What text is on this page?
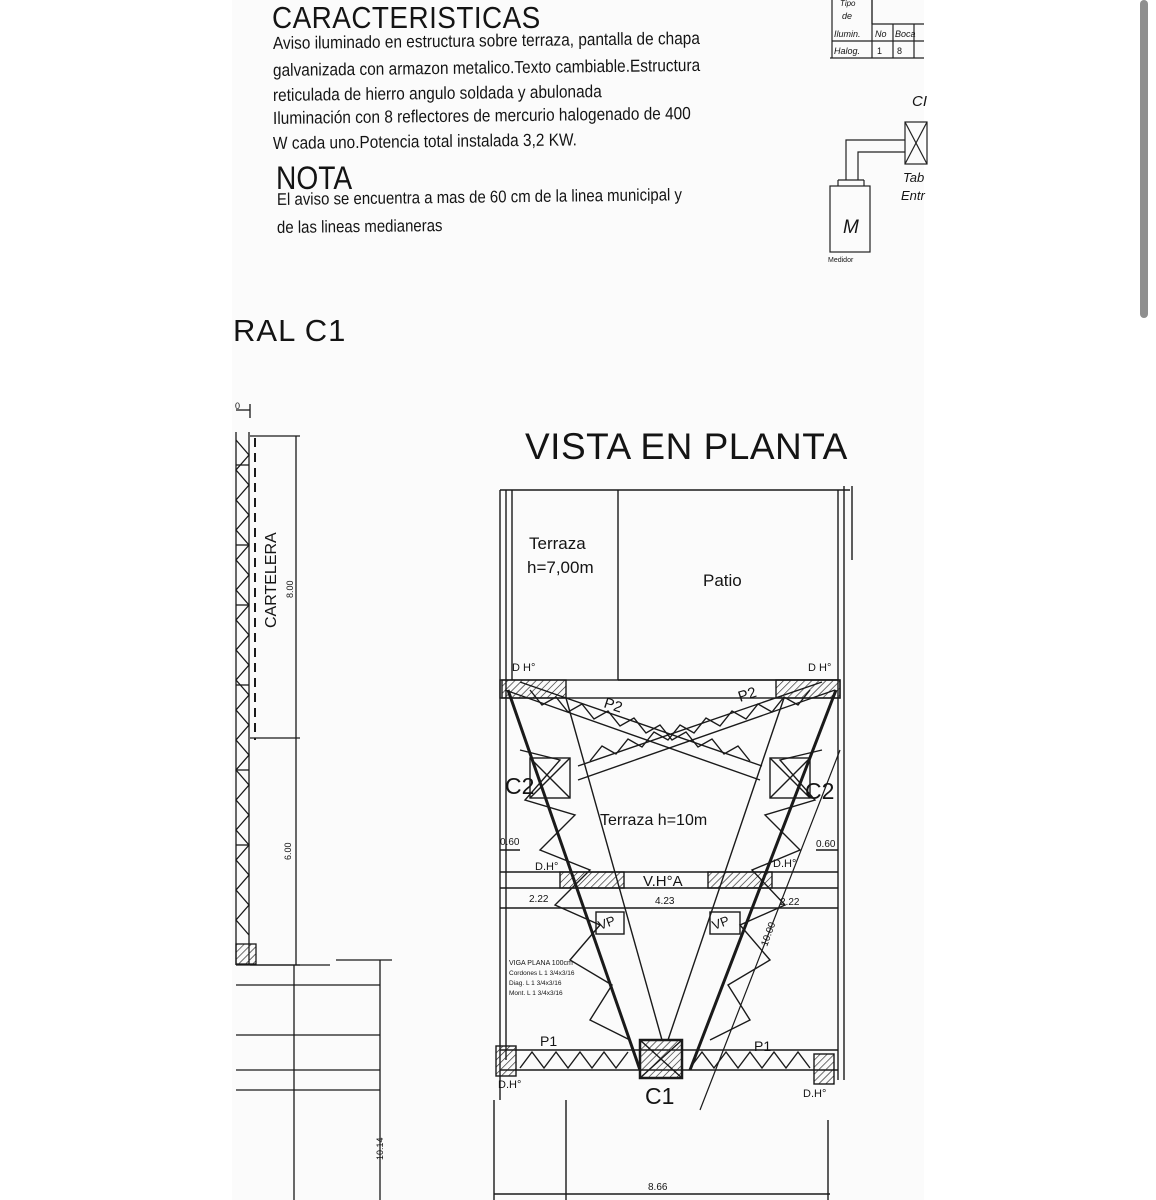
CARACTERISTICAS
Aviso iluminado en estructura sobre terraza, pantalla de chapa
galvanizada con armazon metalico.Texto cambiable.Estructura
reticulada de hierro angulo soldada y abulonada
Iluminación con 8 reflectores de mercurio halogenado de 400
W cada uno.Potencia total instalada 3,2 KW.
NOTA
El aviso se encuentra a mas de 60 cm de la linea municipal y
de las lineas medianeras
RAL C1
VISTA EN PLANTA
Tipo
de
Ilumin. No Boca
Halog. 1 8
CI
Tab
Entr
M
Medidor
0
CARTELERA 8.00
6.00
10.14
Terraza
h=7,00m
Patio
Terraza h=10m
D H°	D H°
D.H°	D.H°
D.H°
D.H°
P2	P2
C2	C2
C1
P1	P1
V.H°A
VP	VP
0.60	0.60
2.22	4.23	2.22
10.00
8.66
VIGA PLANA 100cm
Cordones L 1 3/4x3/16
Diag. L 1 3/4x3/16
Mont. L 1 3/4x3/16
